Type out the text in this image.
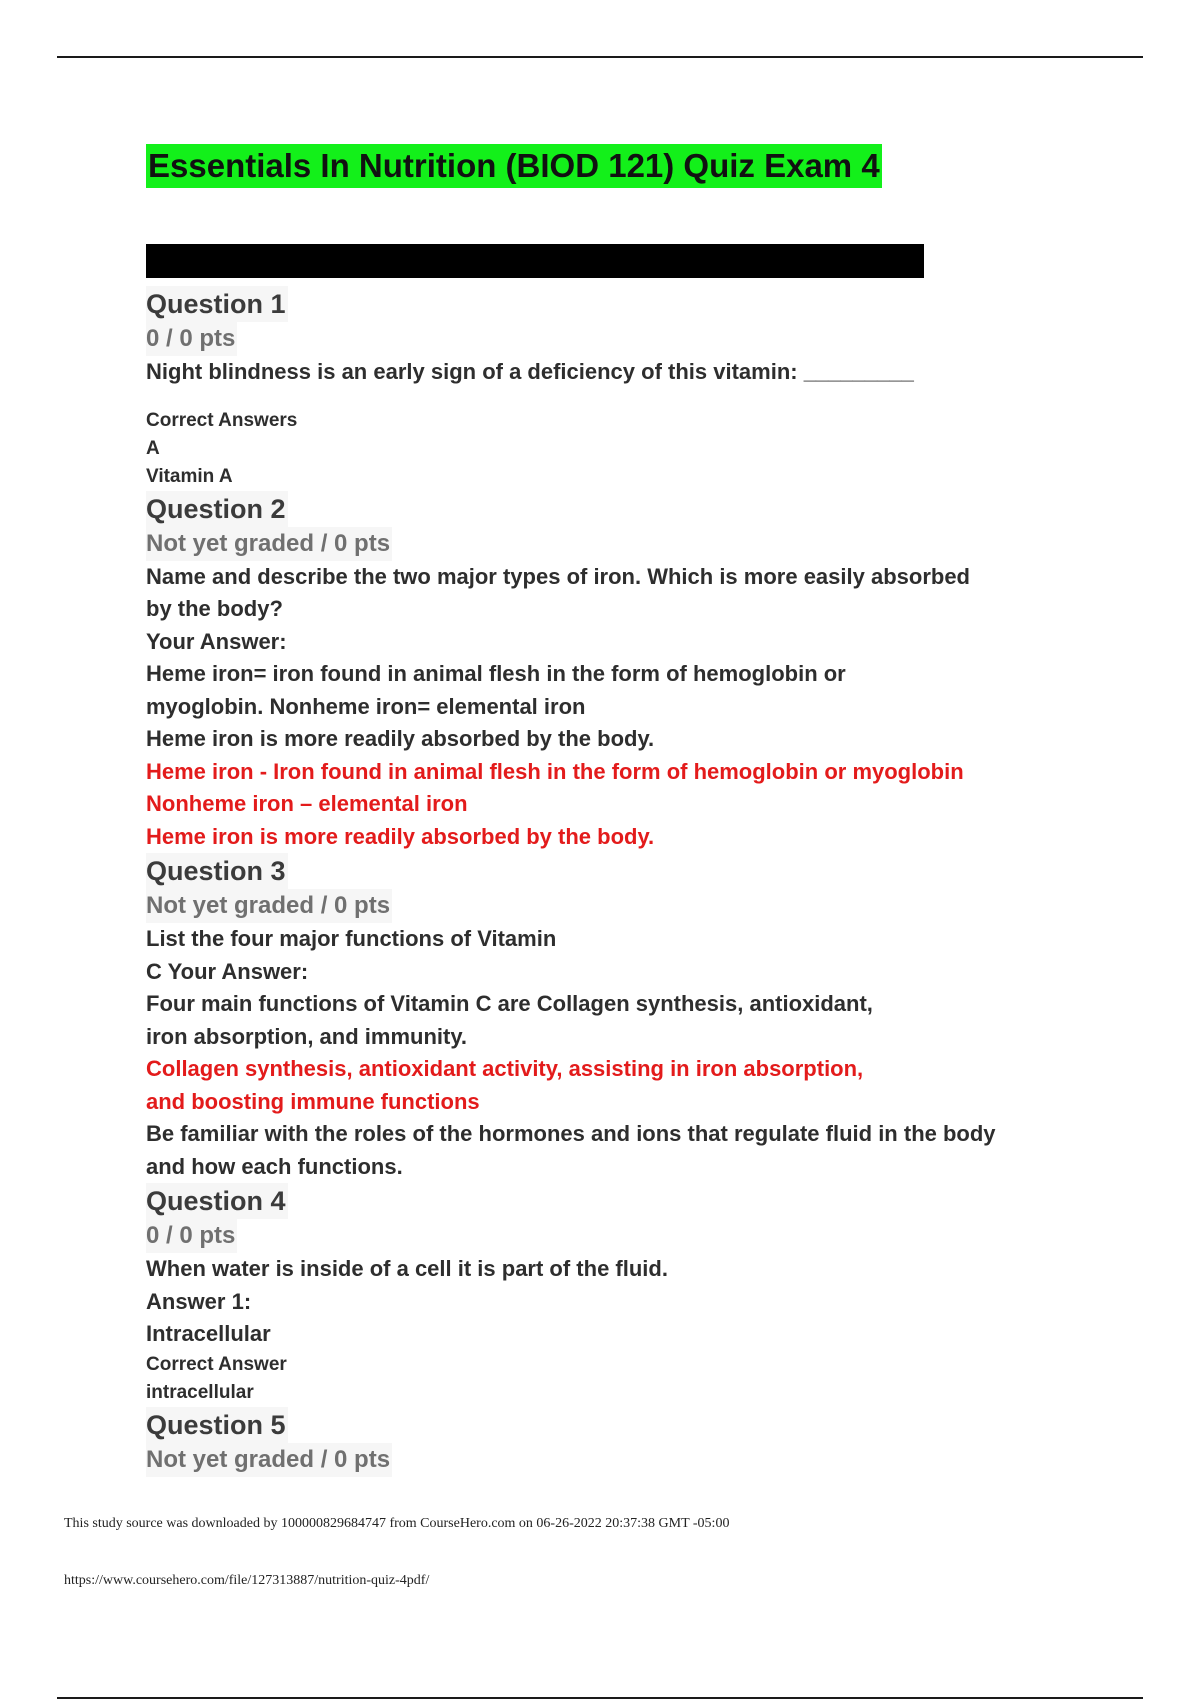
Essentials In Nutrition (BIOD 121) Quiz Exam 4
Question 1
0 / 0 pts
Night blindness is an early sign of a deficiency of this vitamin: _________
Correct Answers
A
Vitamin A
Question 2
Not yet graded / 0 pts
Name and describe the two major types of iron. Which is more easily absorbed
by the body?
Your Answer:
Heme iron= iron found in animal flesh in the form of hemoglobin or
myoglobin. Nonheme iron= elemental iron
Heme iron is more readily absorbed by the body.
Heme iron - Iron found in animal flesh in the form of hemoglobin or myoglobin
Nonheme iron – elemental iron
Heme iron is more readily absorbed by the body.
Question 3
Not yet graded / 0 pts
List the four major functions of Vitamin
C Your Answer:
Four main functions of Vitamin C are Collagen synthesis, antioxidant,
iron absorption, and immunity.
Collagen synthesis, antioxidant activity, assisting in iron absorption,
and boosting immune functions
Be familiar with the roles of the hormones and ions that regulate fluid in the body
and how each functions.
Question 4
0 / 0 pts
When water is inside of a cell it is part of the fluid.
Answer 1:
Intracellular
Correct Answer
intracellular
Question 5
Not yet graded / 0 pts
This study source was downloaded by 100000829684747 from CourseHero.com on 06-26-2022 20:37:38 GMT -05:00
https://www.coursehero.com/file/127313887/nutrition-quiz-4pdf/
